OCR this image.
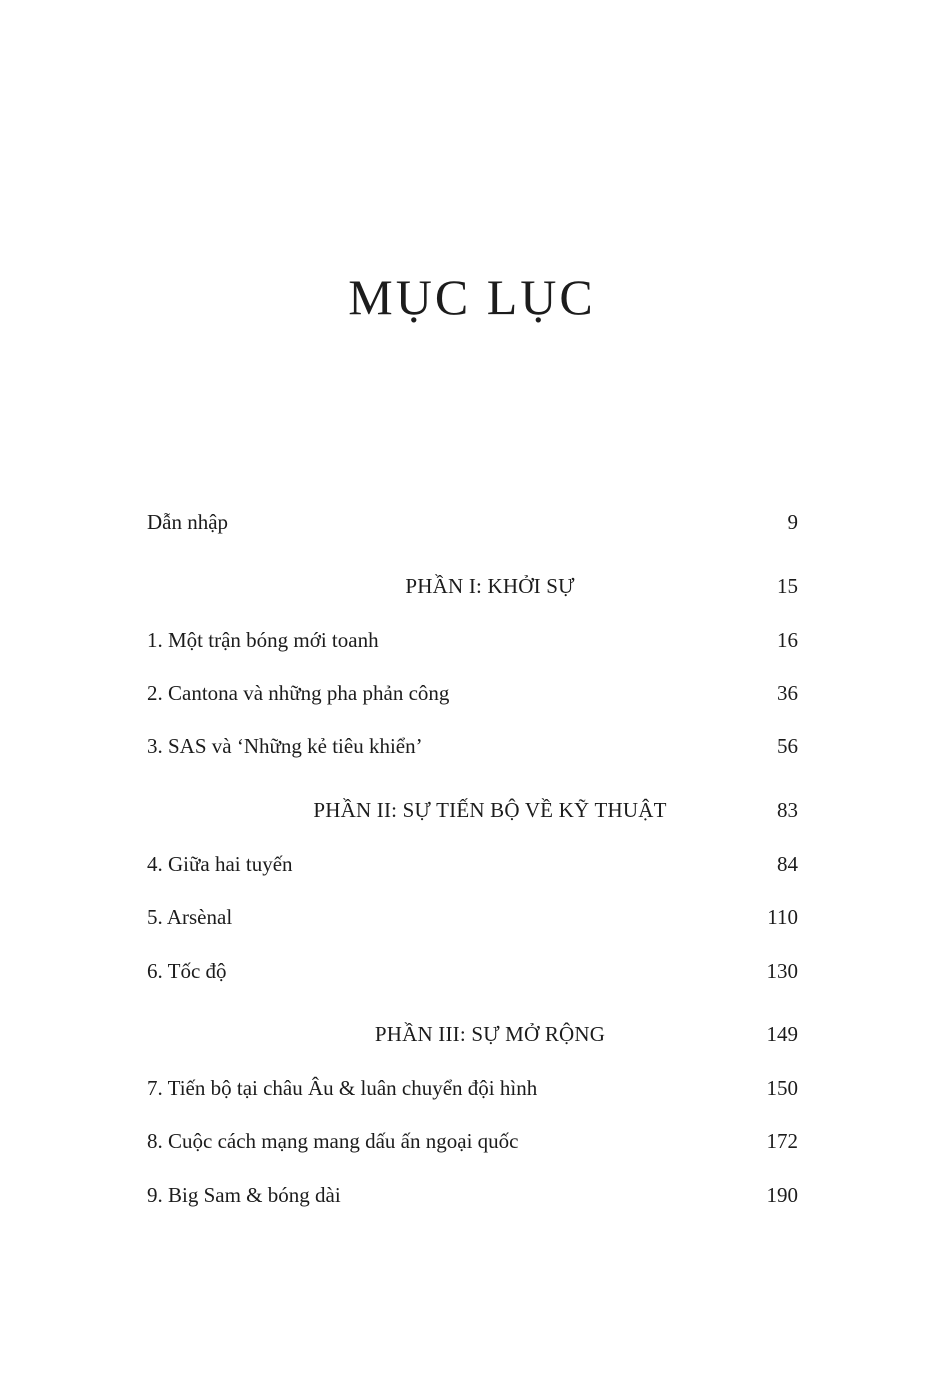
MỤC LỤC
Dẫn nhập	9
PHẦN I: KHỞI SỰ	15
1. Một trận bóng mới toanh	16
2. Cantona và những pha phản công	36
3. SAS và ‘Những kẻ tiêu khiển’	56
PHẦN II: SỰ TIẾN BỘ VỀ KỸ THUẬT	83
4. Giữa hai tuyến	84
5. Arsènal	110
6. Tốc độ	130
PHẦN III: SỰ MỞ RỘNG	149
7. Tiến bộ tại châu Âu & luân chuyển đội hình	150
8. Cuộc cách mạng mang dấu ấn ngoại quốc	172
9. Big Sam & bóng dài	190
